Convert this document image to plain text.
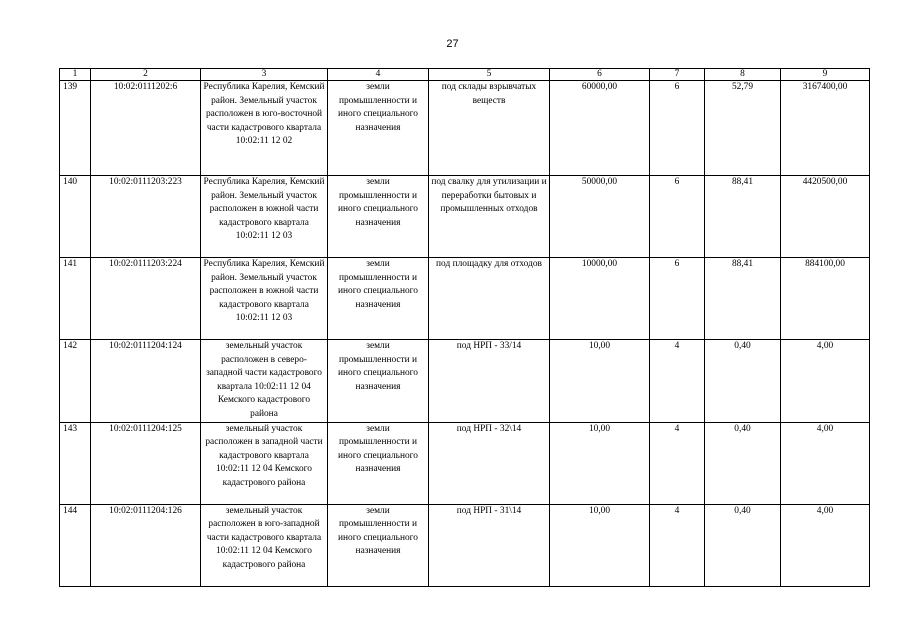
27
1	2	3	4	5	6	7	8	9
139	10:02:0111202:6	Республика Карелия, Кемский район. Земельный участок расположен в юго-восточной части кадастрового квартала 10:02:11 12 02	земли промышленности и иного специального назначения	под склады взрывчатых веществ	60000,00	6	52,79	3167400,00
140	10:02:0111203:223	Республика Карелия, Кемский район. Земельный участок расположен в южной части кадастрового квартала 10:02:11 12 03	земли промышленности и иного специального назначения	под свалку для утилизации и переработки бытовых и промышленных отходов	50000,00	6	88,41	4420500,00
141	10:02:0111203:224	Республика Карелия, Кемский район. Земельный участок расположен в южной части кадастрового квартала 10:02:11 12 03	земли промышленности и иного специального назначения	под площадку для отходов	10000,00	6	88,41	884100,00
142	10:02:0111204:124	земельный участок расположен в северо-западной части кадастрового квартала 10:02:11 12 04 Кемского кадастрового района	земли промышленности и иного специального назначения	под НРП - 33/14	10,00	4	0,40	4,00
143	10:02:0111204:125	земельный участок расположен в западной части кадастрового квартала 10:02:11 12 04 Кемского кадастрового района	земли промышленности и иного специального назначения	под НРП - 32\14	10,00	4	0,40	4,00
144	10:02:0111204:126	земельный участок расположен в юго-западной части кадастрового квартала 10:02:11 12 04 Кемского кадастрового района	земли промышленности и иного специального назначения	под НРП - 31\14	10,00	4	0,40	4,00
